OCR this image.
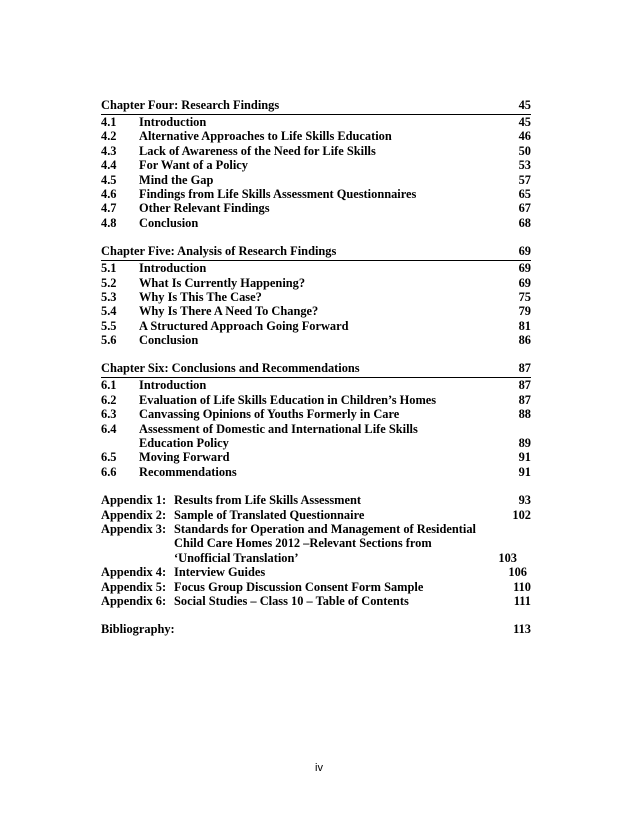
Chapter Four: Research Findings	45
4.1 Introduction	45
4.2 Alternative Approaches to Life Skills Education	46
4.3 Lack of Awareness of the Need for Life Skills	50
4.4 For Want of a Policy	53
4.5 Mind the Gap	57
4.6 Findings from Life Skills Assessment Questionnaires	65
4.7 Other Relevant Findings	67
4.8 Conclusion	68
Chapter Five: Analysis of Research Findings	69
5.1 Introduction	69
5.2 What Is Currently Happening?	69
5.3 Why Is This The Case?	75
5.4 Why Is There A Need To Change?	79
5.5 A Structured Approach Going Forward	81
5.6 Conclusion	86
Chapter Six: Conclusions and Recommendations	87
6.1 Introduction	87
6.2 Evaluation of Life Skills Education in Children’s Homes	87
6.3 Canvassing Opinions of Youths Formerly in Care	88
6.4 Assessment of Domestic and International Life Skills
Education Policy	89
6.5 Moving Forward	91
6.6 Recommendations	91
Appendix 1: Results from Life Skills Assessment	93
Appendix 2: Sample of Translated Questionnaire	102
Appendix 3: Standards for Operation and Management of Residential
Child Care Homes 2012 –Relevant Sections from
‘Unofficial Translation’	103
Appendix 4: Interview Guides	106
Appendix 5: Focus Group Discussion Consent Form Sample	110
Appendix 6: Social Studies – Class 10 – Table of Contents	111
Bibliography:	113
iv
